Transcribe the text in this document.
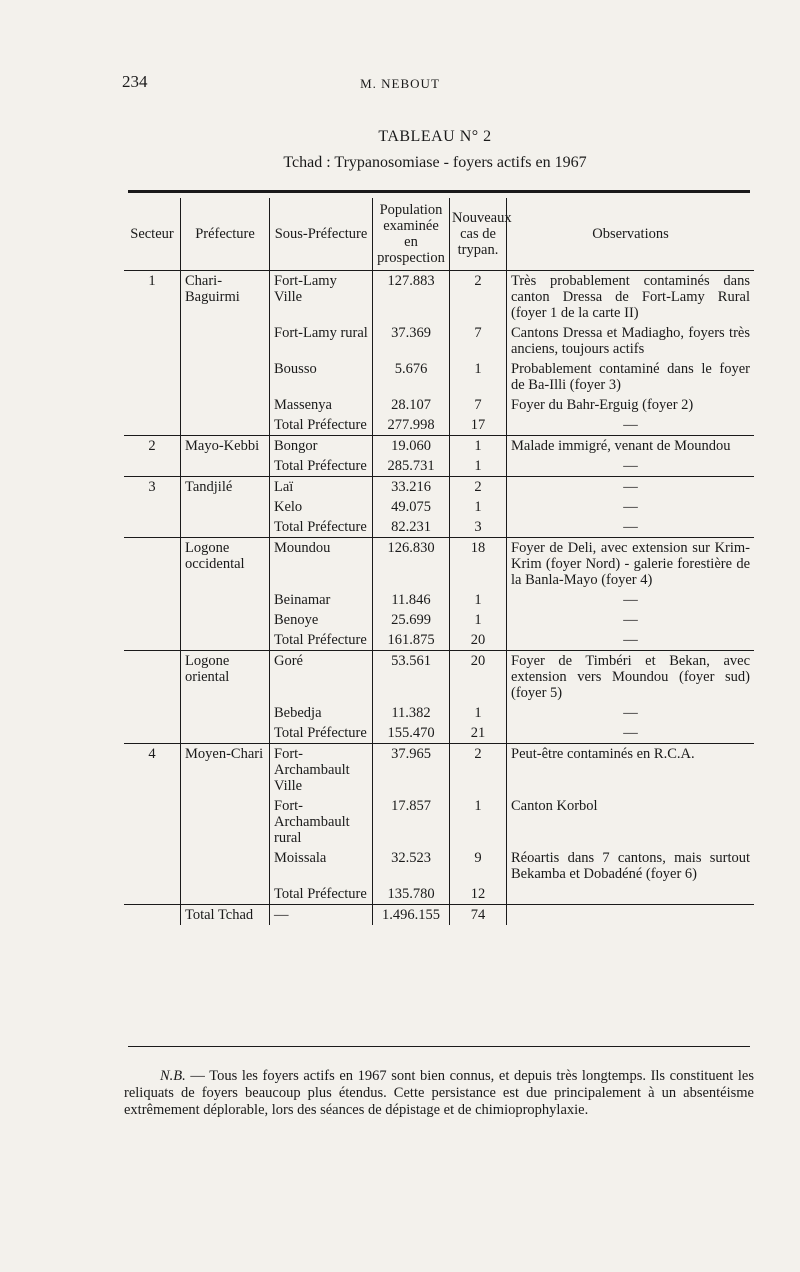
234	M. NEBOUT
TABLEAU N° 2
Tchad : Trypanosomiase - foyers actifs en 1967
Secteur	Préfecture	Sous-Préfecture	Population examinée en prospection	Nouveaux cas de trypan.	Observations
1	Chari-Baguirmi	Fort-Lamy Ville	127.883	2	Très probablement contaminés dans canton Dressa de Fort-Lamy Rural (foyer 1 de la carte II)
		Fort-Lamy rural	37.369	7	Cantons Dressa et Madiagho, foyers très anciens, toujours actifs
		Bousso	5.676	1	Probablement contaminé dans le foyer de Ba-Illi (foyer 3)
		Massenya	28.107	7	Foyer du Bahr-Erguig (foyer 2)
		Total Préfecture	277.998	17	—
2	Mayo-Kebbi	Bongor	19.060	1	Malade immigré, venant de Moundou
		Total Préfecture	285.731	1	—
3	Tandjilé	Laï	33.216	2	—
		Kelo	49.075	1	—
		Total Préfecture	82.231	3	—
	Logone occidental	Moundou	126.830	18	Foyer de Deli, avec extension sur Krim-Krim (foyer Nord) - galerie forestière de la Banla-Mayo (foyer 4)
		Beinamar	11.846	1	—
		Benoye	25.699	1	—
		Total Préfecture	161.875	20	—
	Logone oriental	Goré	53.561	20	Foyer de Timbéri et Bekan, avec extension vers Moundou (foyer sud) (foyer 5)
		Bebedja	11.382	1	—
		Total Préfecture	155.470	21	—
4	Moyen-Chari	Fort-Archambault Ville	37.965	2	Peut-être contaminés en R.C.A.
		Fort-Archambault rural	17.857	1	Canton Korbol
		Moissala	32.523	9	Réoartis dans 7 cantons, mais surtout Bekamba et Dobadéné (foyer 6)
		Total Préfecture	135.780	12	
	Total Tchad	—	1.496.155	74	
N.B. — Tous les foyers actifs en 1967 sont bien connus, et depuis très longtemps. Ils constituent les reliquats de foyers beaucoup plus étendus. Cette persistance est due principalement à un absentéisme extrêmement déplorable, lors des séances de dépistage et de chimioprophylaxie.
